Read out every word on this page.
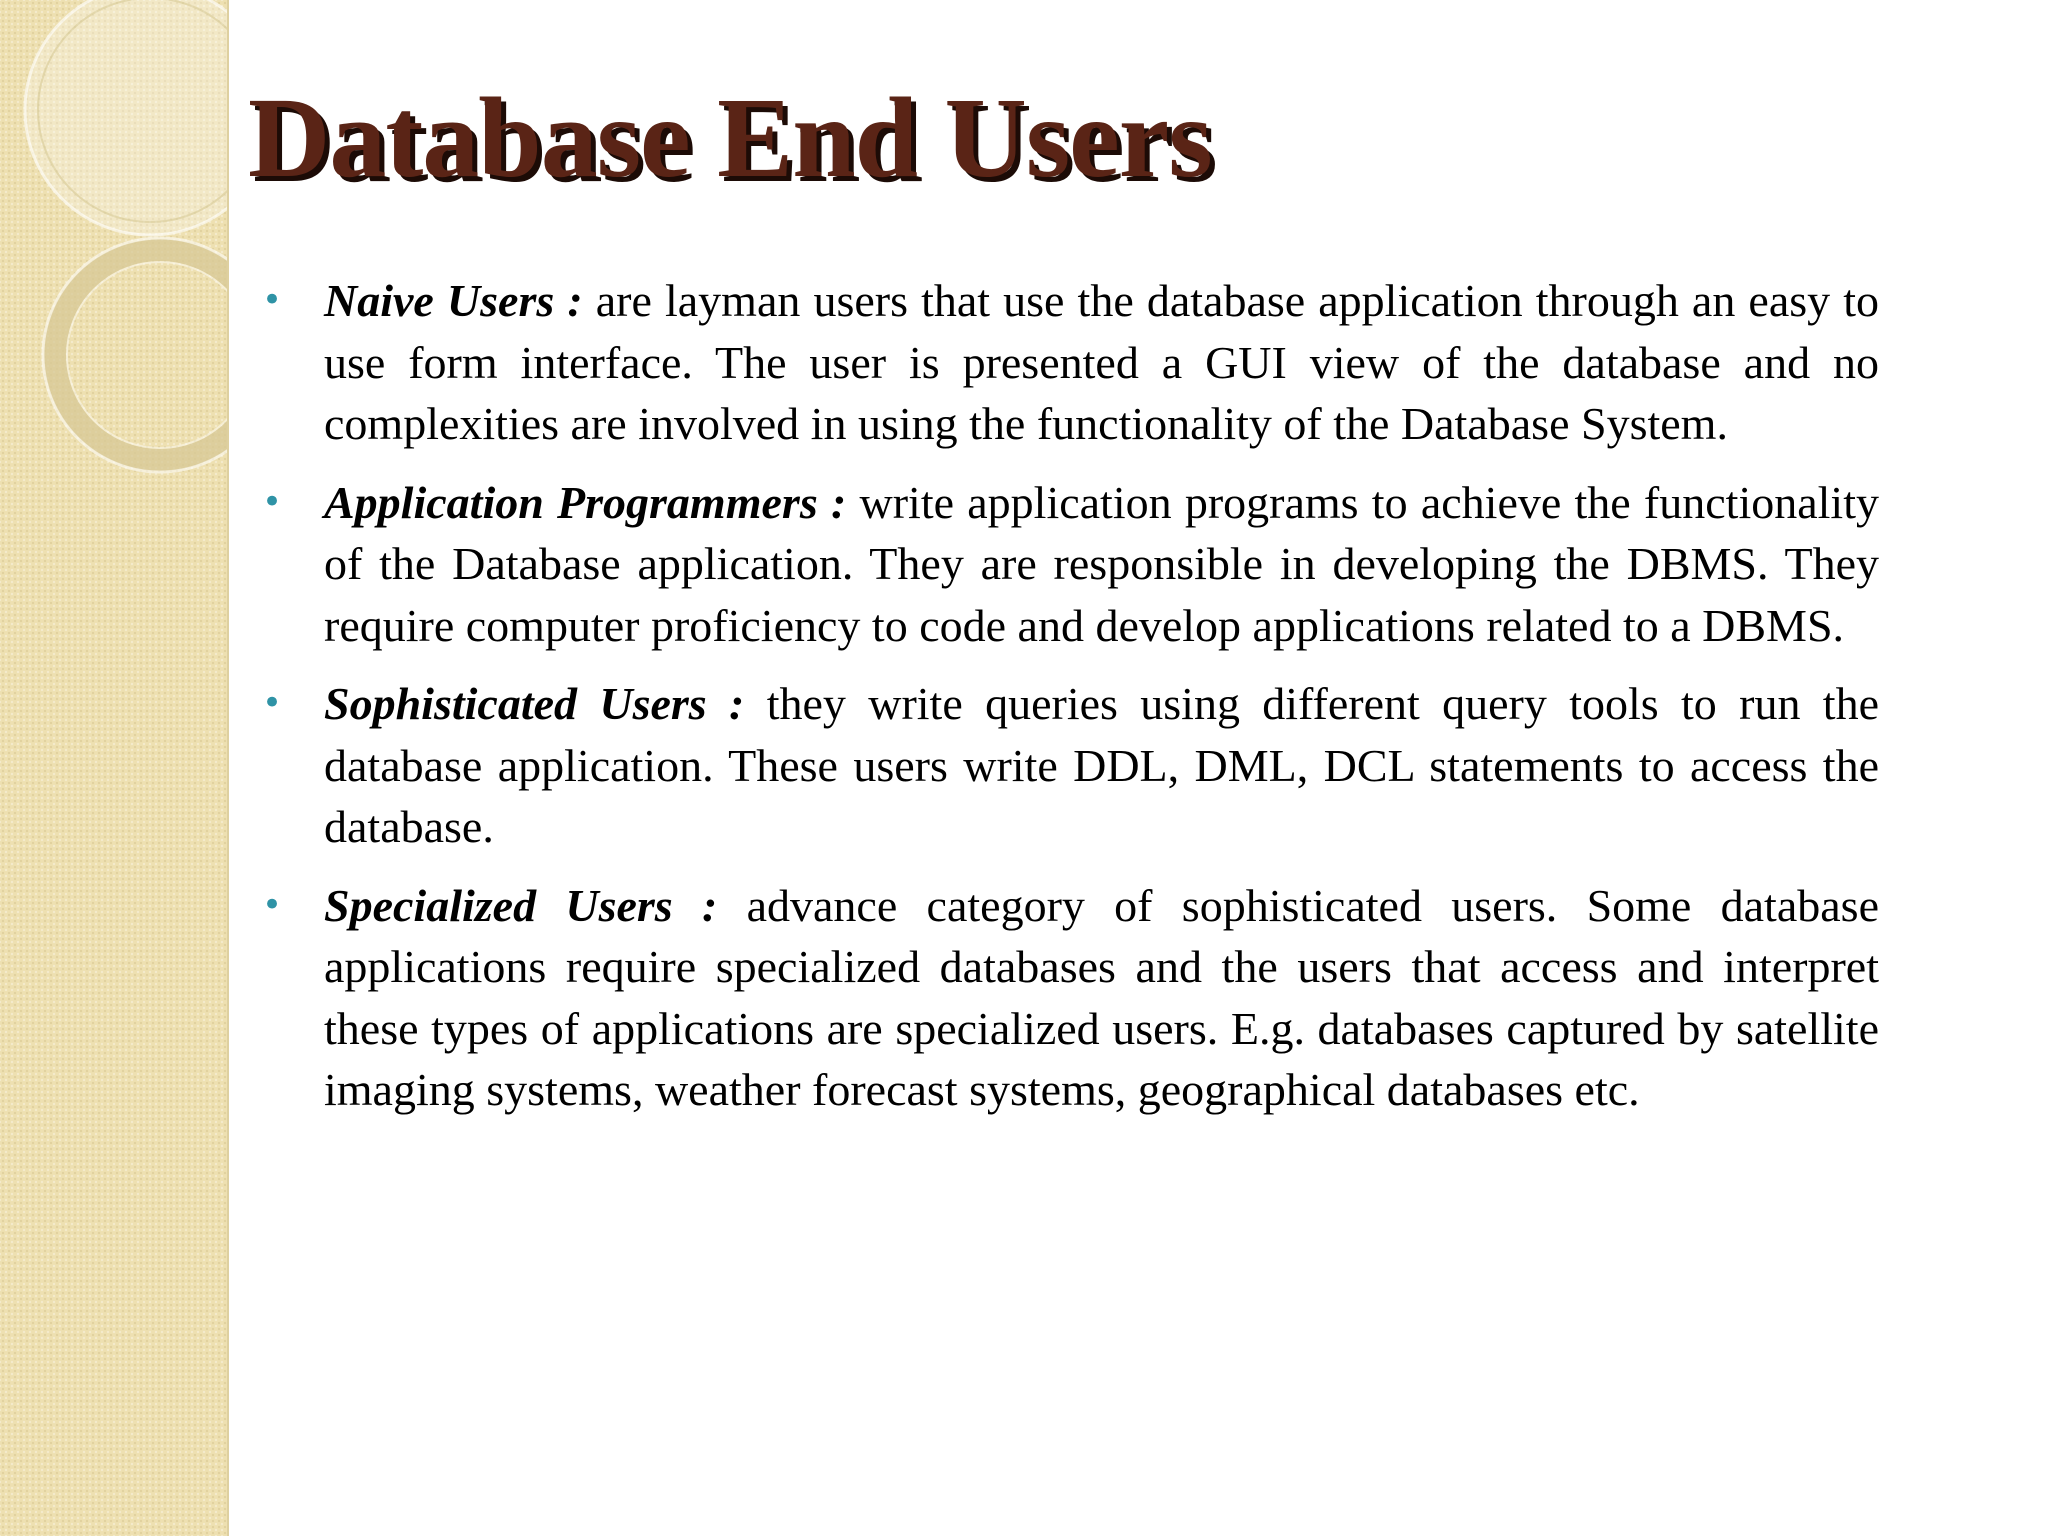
Database End Users
• Naive Users : are layman users that use the database application through an easy to use form interface. The user is presented a GUI view of the database and no complexities are involved in using the functionality of the Database System.
• Application Programmers : write application programs to achieve the functionality of the Database application. They are responsible in developing the DBMS. They require computer proficiency to code and develop applications related to a DBMS.
• Sophisticated Users : they write queries using different query tools to run the database application. These users write DDL, DML, DCL statements to access the database.
• Specialized Users : advance category of sophisticated users. Some database applications require specialized databases and the users that access and interpret these types of applications are specialized users. E.g. databases captured by satellite imaging systems, weather forecast systems, geographical databases etc.
